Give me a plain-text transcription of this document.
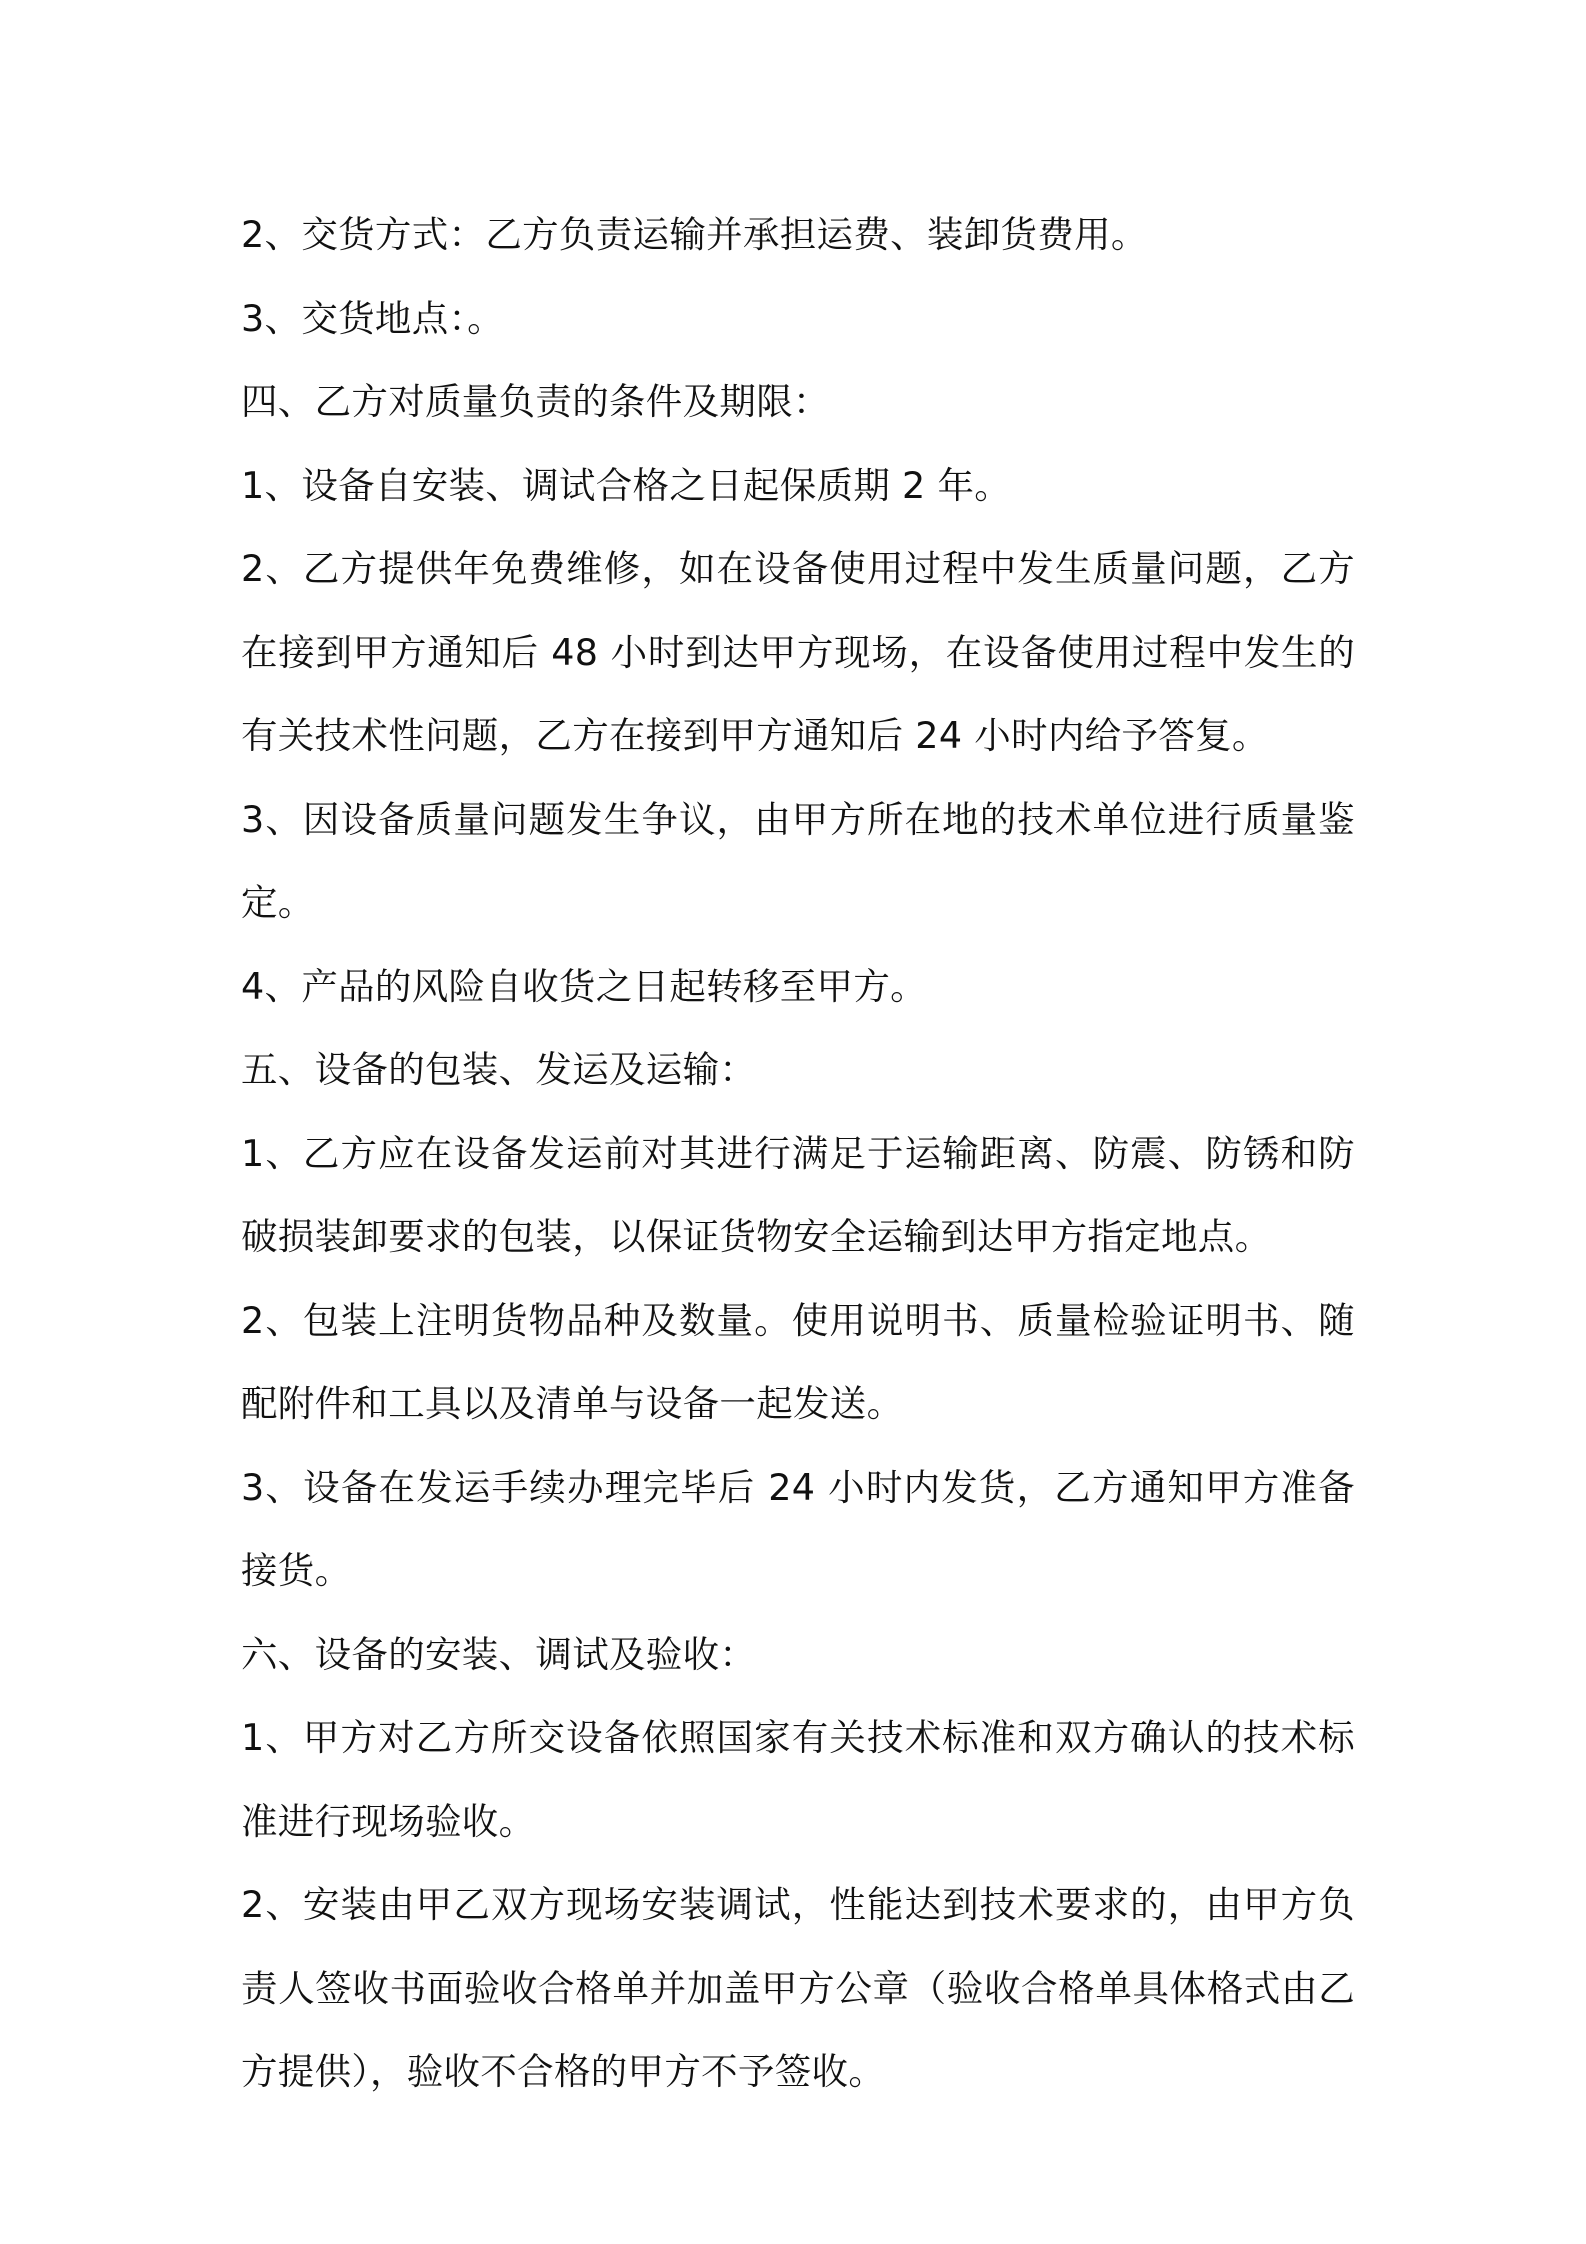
2、交货方式：乙方负责运输并承担运费、装卸货费用。

3、交货地点：。

四、乙方对质量负责的条件及期限：

1、设备自安装、调试合格之日起保质期 2 年。

2、乙方提供年免费维修，如在设备使用过程中发生质量问题，乙方在接到甲方通知后 48 小时到达甲方现场，在设备使用过程中发生的有关技术性问题，乙方在接到甲方通知后 24 小时内给予答复。

3、因设备质量问题发生争议，由甲方所在地的技术单位进行质量鉴定。

4、产品的风险自收货之日起转移至甲方。

五、设备的包装、发运及运输：

1、乙方应在设备发运前对其进行满足于运输距离、防震、防锈和防破损装卸要求的包装，以保证货物安全运输到达甲方指定地点。

2、包装上注明货物品种及数量。使用说明书、质量检验证明书、随配附件和工具以及清单与设备一起发送。

3、设备在发运手续办理完毕后 24 小时内发货，乙方通知甲方准备接货。

六、设备的安装、调试及验收：

1、甲方对乙方所交设备依照国家有关技术标准和双方确认的技术标准进行现场验收。

2、安装由甲乙双方现场安装调试，性能达到技术要求的，由甲方负责人签收书面验收合格单并加盖甲方公章（验收合格单具体格式由乙方提供），验收不合格的甲方不予签收。
